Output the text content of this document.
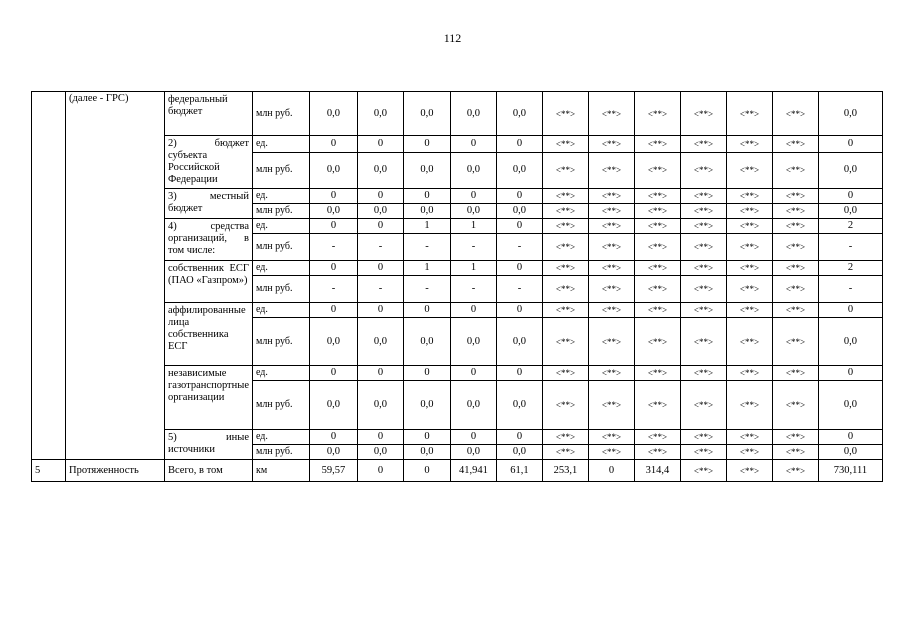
112
	(далее - ГРС)	федеральный бюджет	млн руб.	0,0	0,0	0,0	0,0	0,0	<**>	<**>	<**>	<**>	<**>	<**>	0,0
		2) бюджет субъекта Российской Федерации	ед.	0	0	0	0	0	<**>	<**>	<**>	<**>	<**>	<**>	0
			млн руб.	0,0	0,0	0,0	0,0	0,0	<**>	<**>	<**>	<**>	<**>	<**>	0,0
		3) местный бюджет	ед.	0	0	0	0	0	<**>	<**>	<**>	<**>	<**>	<**>	0
			млн руб.	0,0	0,0	0,0	0,0	0,0	<**>	<**>	<**>	<**>	<**>	<**>	0,0
		4) средства организаций, в том числе:	ед.	0	0	1	1	0	<**>	<**>	<**>	<**>	<**>	<**>	2
			млн руб.	-	-	-	-	-	<**>	<**>	<**>	<**>	<**>	<**>	-
		собственник ЕСГ (ПАО «Газпром»)	ед.	0	0	1	1	0	<**>	<**>	<**>	<**>	<**>	<**>	2
			млн руб.	-	-	-	-	-	<**>	<**>	<**>	<**>	<**>	<**>	-
		аффилированные лица собственника ЕСГ	ед.	0	0	0	0	0	<**>	<**>	<**>	<**>	<**>	<**>	0
			млн руб.	0,0	0,0	0,0	0,0	0,0	<**>	<**>	<**>	<**>	<**>	<**>	0,0
		независимые газотранспортные организации	ед.	0	0	0	0	0	<**>	<**>	<**>	<**>	<**>	<**>	0
			млн руб.	0,0	0,0	0,0	0,0	0,0	<**>	<**>	<**>	<**>	<**>	<**>	0,0
		5) иные источники	ед.	0	0	0	0	0	<**>	<**>	<**>	<**>	<**>	<**>	0
			млн руб.	0,0	0,0	0,0	0,0	0,0	<**>	<**>	<**>	<**>	<**>	<**>	0,0
5	Протяженность	Всего, в том	км	59,57	0	0	41,941	61,1	253,1	0	314,4	<**>	<**>	<**>	730,111
